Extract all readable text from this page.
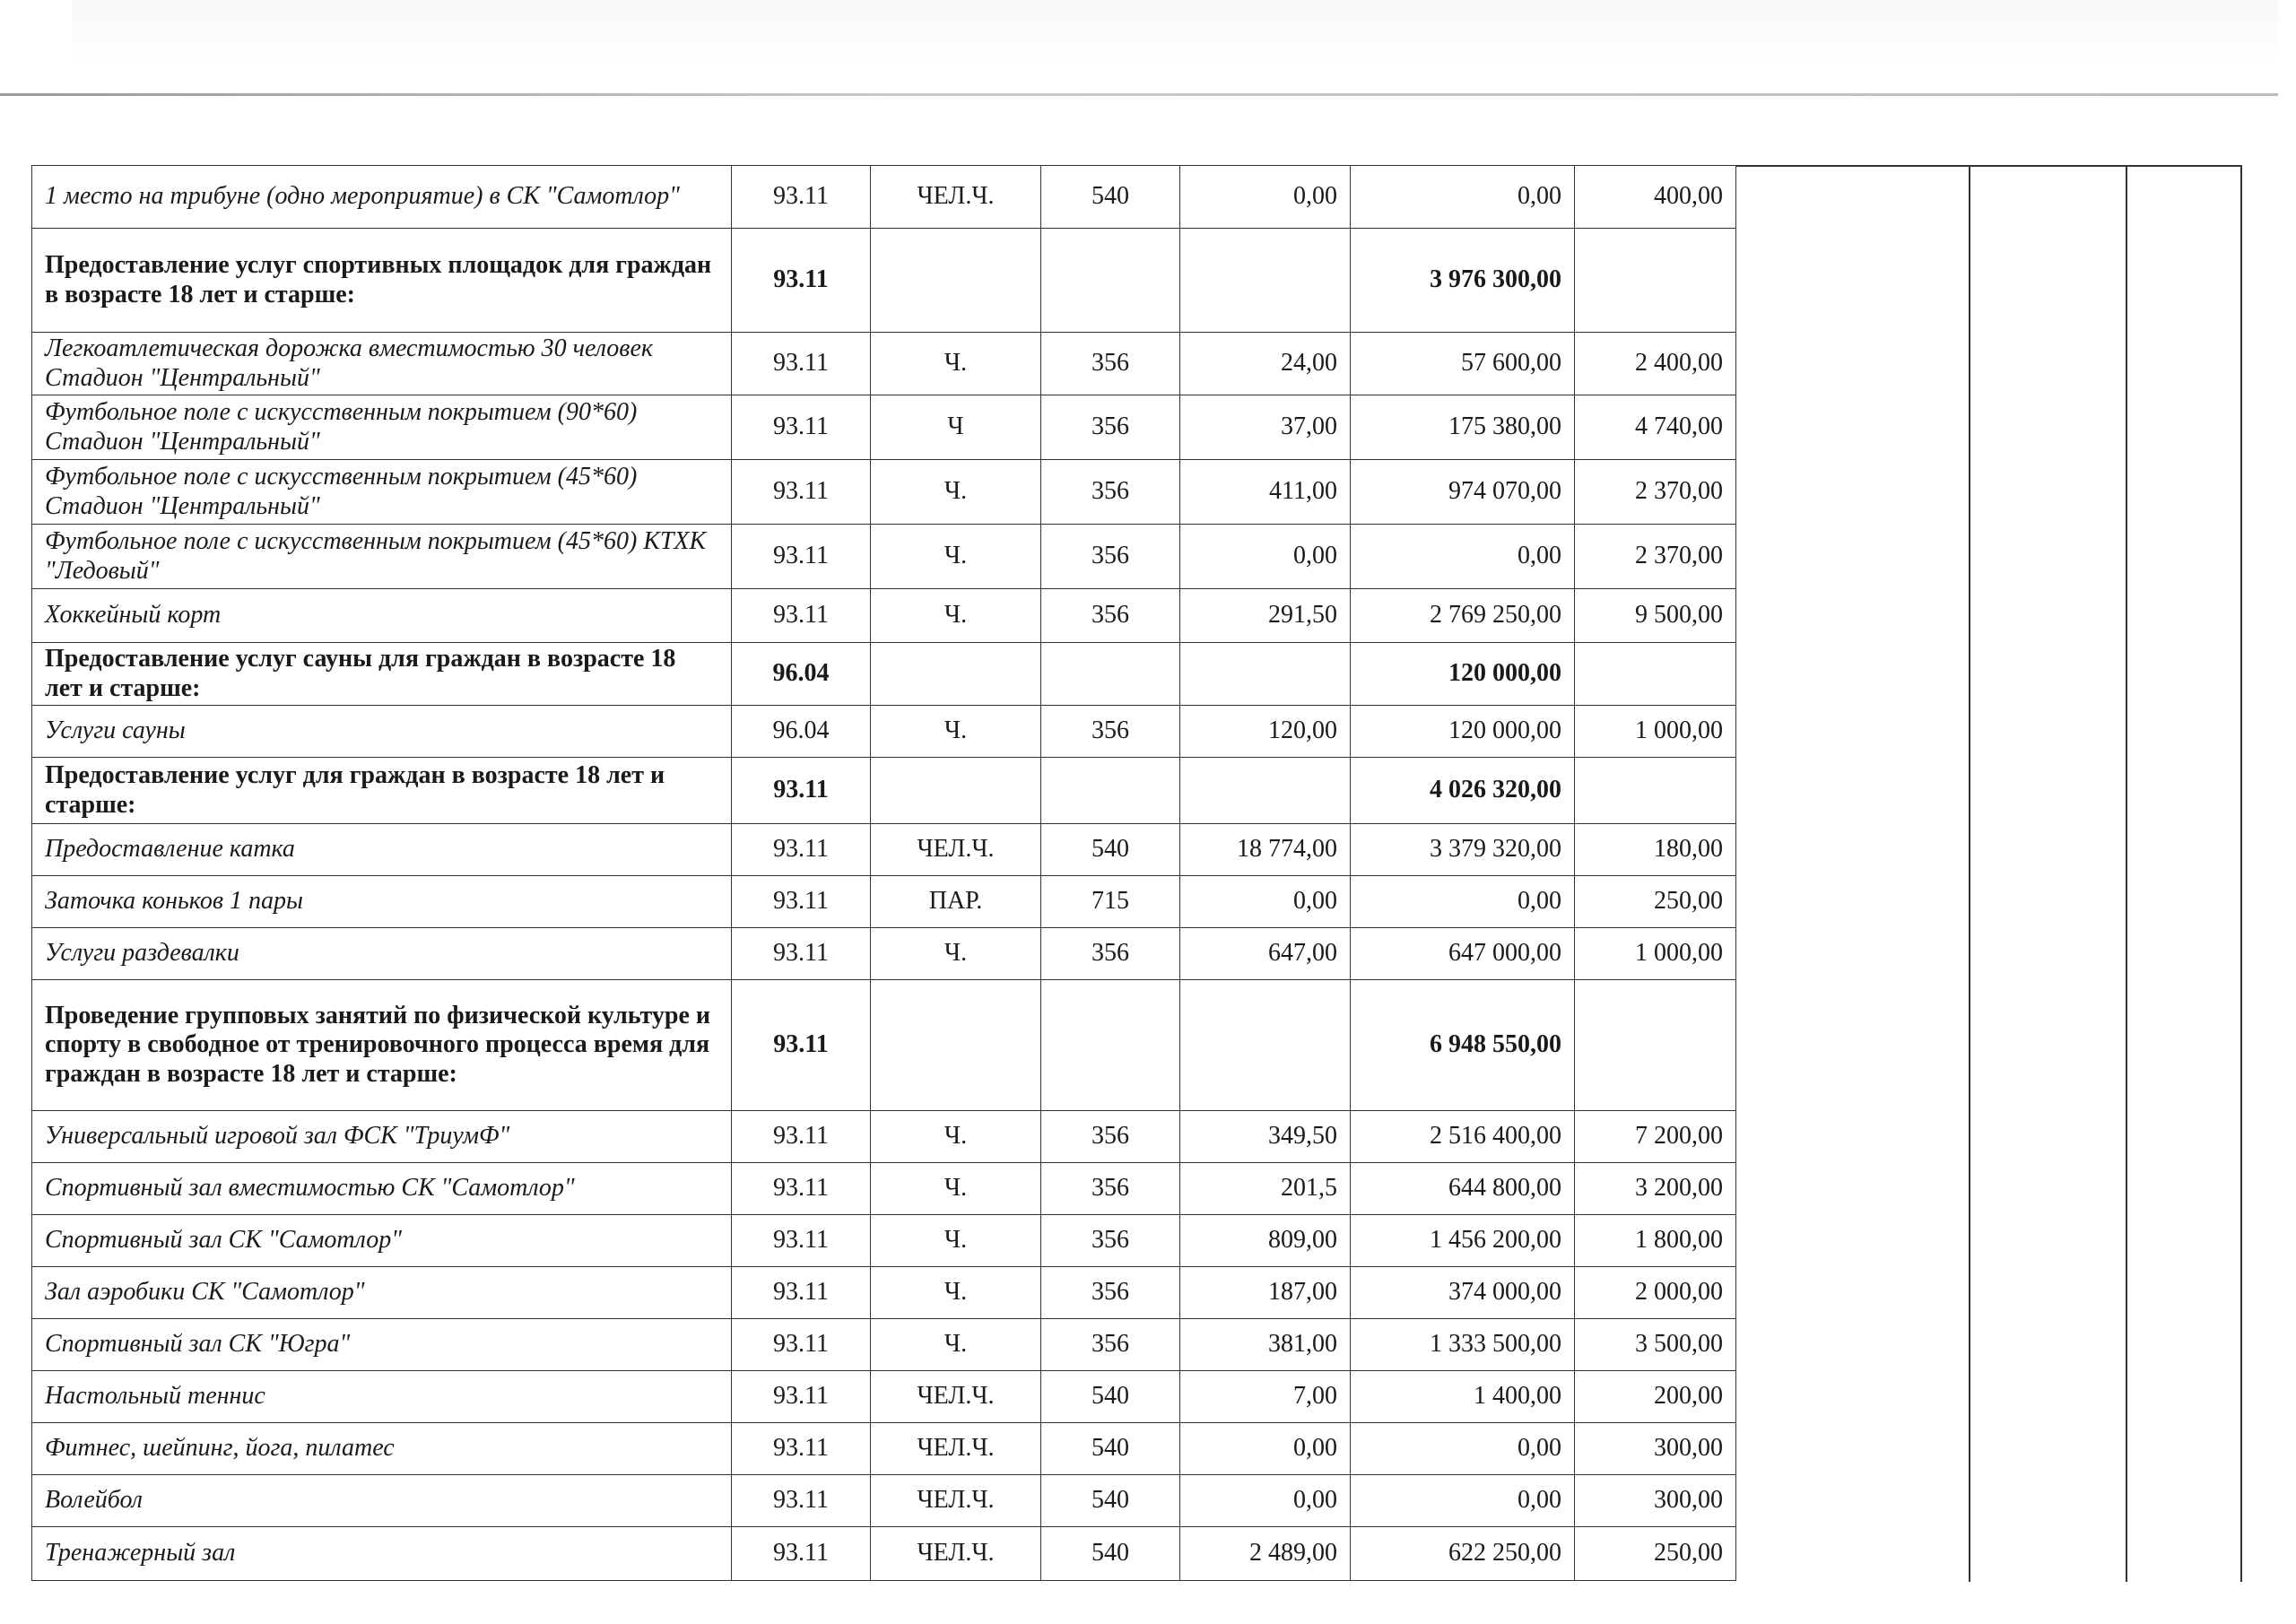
1 место на трибуне (одно мероприятие) в СК "Самотлор"	93.11	ЧЕЛ.Ч.	540	0,00	0,00	400,00
Предоставление услуг спортивных площадок для граждан в возрасте 18 лет и старше:	93.11				3 976 300,00	
Легкоатлетическая дорожка вместимостью 30 человек Стадион "Центральный"	93.11	Ч.	356	24,00	57 600,00	2 400,00
Футбольное поле с искусственным покрытием (90*60) Стадион "Центральный"	93.11	Ч	356	37,00	175 380,00	4 740,00
Футбольное поле с искусственным покрытием (45*60) Стадион "Центральный"	93.11	Ч.	356	411,00	974 070,00	2 370,00
Футбольное поле с искусственным покрытием (45*60) КТХК "Ледовый"	93.11	Ч.	356	0,00	0,00	2 370,00
Хоккейный корт	93.11	Ч.	356	291,50	2 769 250,00	9 500,00
Предоставление услуг сауны для граждан в возрасте 18 лет и старше:	96.04				120 000,00	
Услуги сауны	96.04	Ч.	356	120,00	120 000,00	1 000,00
Предоставление услуг для граждан в возрасте 18 лет и старше:	93.11				4 026 320,00	
Предоставление катка	93.11	ЧЕЛ.Ч.	540	18 774,00	3 379 320,00	180,00
Заточка коньков 1 пары	93.11	ПАР.	715	0,00	0,00	250,00
Услуги раздевалки	93.11	Ч.	356	647,00	647 000,00	1 000,00
Проведение групповых занятий по физической культуре и спорту в свободное от тренировочного процесса время для граждан в возрасте 18 лет и старше:	93.11				6 948 550,00	
Универсальный игровой зал ФСК "ТриумФ"	93.11	Ч.	356	349,50	2 516 400,00	7 200,00
Спортивный зал вместимостью СК "Самотлор"	93.11	Ч.	356	201,5	644 800,00	3 200,00
Спортивный зал СК "Самотлор"	93.11	Ч.	356	809,00	1 456 200,00	1 800,00
Зал аэробики СК "Самотлор"	93.11	Ч.	356	187,00	374 000,00	2 000,00
Спортивный зал СК "Югра"	93.11	Ч.	356	381,00	1 333 500,00	3 500,00
Настольный теннис	93.11	ЧЕЛ.Ч.	540	7,00	1 400,00	200,00
Фитнес, шейпинг, йога, пилатес	93.11	ЧЕЛ.Ч.	540	0,00	0,00	300,00
Волейбол	93.11	ЧЕЛ.Ч.	540	0,00	0,00	300,00
Тренажерный зал	93.11	ЧЕЛ.Ч.	540	2 489,00	622 250,00	250,00
